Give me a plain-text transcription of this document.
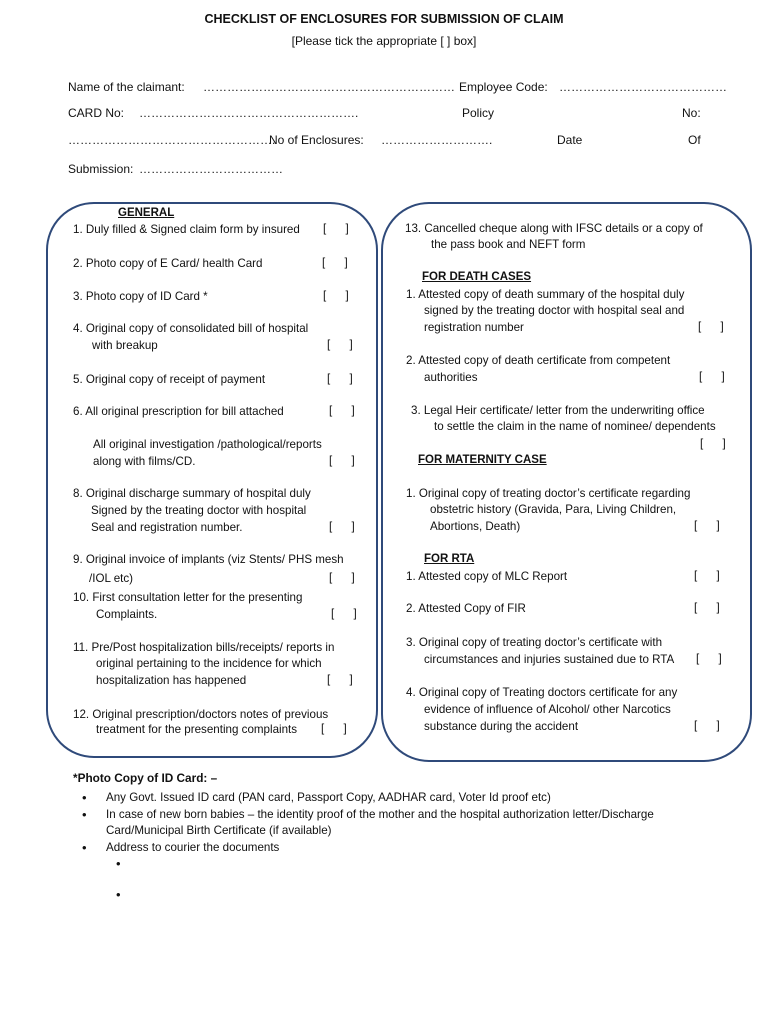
CHECKLIST OF ENCLOSURES FOR SUBMISSION OF CLAIM
[Please tick the appropriate [ ] box]
Name of the claimant: ……………………………………………………… Employee Code: ……………………………………
CARD No: ……………………………………………….	Policy	No:
…………………………………………….
No of Enclosures: ……………………….	Date	Of
Submission: ………………………………
GENERAL
1. Duly filled & Signed claim form by insured [      ]
2. Photo copy of E Card/ health Card	[      ]
3. Photo copy of ID Card *	[      ]
4. Original copy of consolidated bill of hospital
with breakup	[      ]
5. Original copy of receipt of payment	[      ]
6. All original prescription for bill attached	[      ]
All original investigation /pathological/reports
along with films/CD.	[      ]
8. Original discharge summary of hospital duly
Signed by the treating doctor with hospital
Seal and registration number.	[      ]
9. Original invoice of implants (viz Stents/ PHS mesh
/IOL etc)	[      ]
10. First consultation letter for the presenting
Complaints.	[      ]
11. Pre/Post hospitalization bills/receipts/ reports in
original pertaining to the incidence for which
hospitalization has happened	[      ]
12. Original prescription/doctors notes of previous
treatment for the presenting complaints [      ]
13. Cancelled cheque along with IFSC details or a copy of
the pass book and NEFT form
FOR DEATH CASES
1. Attested copy of death summary of the hospital duly
signed by the treating doctor with hospital seal and
registration number	[      ]
2. Attested copy of death certificate from competent
authorities	[      ]
3. Legal Heir certificate/ letter from the underwriting office
to settle the claim in the name of nominee/ dependents
[      ]
FOR MATERNITY CASE
1. Original copy of treating doctor’s certificate regarding
obstetric history (Gravida, Para, Living Children,
Abortions, Death)	[      ]
FOR RTA
1. Attested copy of MLC Report	[      ]
2. Attested Copy of FIR	[      ]
3. Original copy of treating doctor’s certificate with
circumstances and injuries sustained due to RTA [      ]
4. Original copy of Treating doctors certificate for any
evidence of influence of Alcohol/ other Narcotics
substance during the accident	[      ]
*Photo Copy of ID Card: –
• Any Govt. Issued ID card (PAN card, Passport Copy, AADHAR card, Voter Id proof etc)
• In case of new born babies – the identity proof of the mother and the hospital authorization letter/Discharge
Card/Municipal Birth Certificate (if available)
• Address to courier the documents
•
•
